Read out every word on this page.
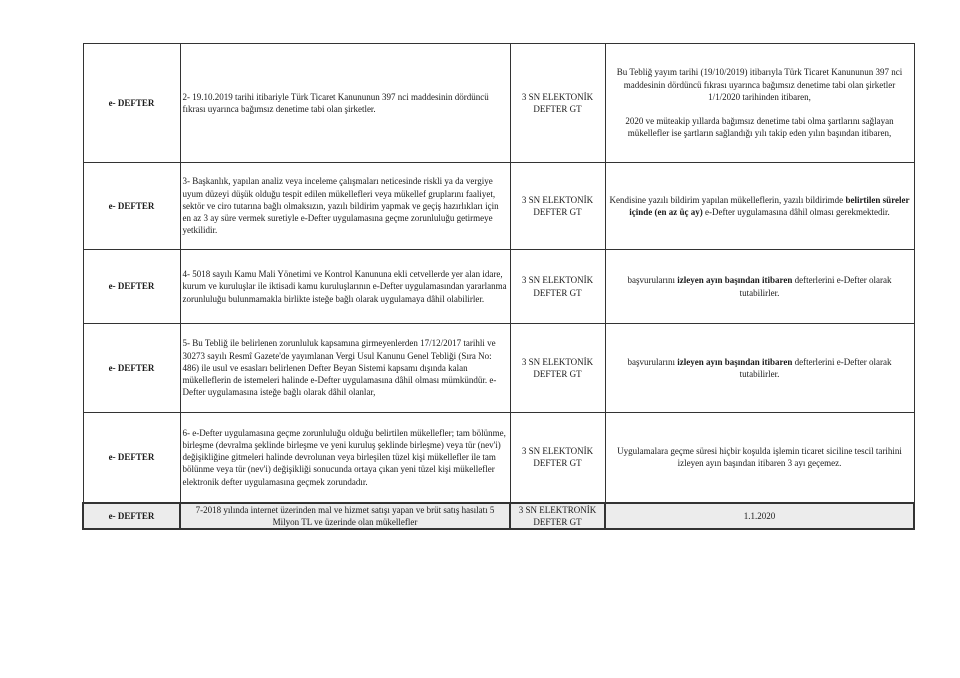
e- DEFTER	2- 19.10.2019 tarihi itibariyle Türk Ticaret Kanununun 397 nci maddesinin dördüncü fıkrası uyarınca bağımsız denetime tabi olan şirketler.	3 SN ELEKTONİK DEFTER GT	Bu Tebliğ yayım tarihi (19/10/2019) itibarıyla Türk Ticaret Kanununun 397 nci maddesinin dördüncü fıkrası uyarınca bağımsız denetime tabi olan şirketler 1/1/2020 tarihinden itibaren,
2020 ve müteakip yıllarda bağımsız denetime tabi olma şartlarını sağlayan mükellefler ise şartların sağlandığı yılı takip eden yılın başından itibaren,

e- DEFTER	3- Başkanlık, yapılan analiz veya inceleme çalışmaları neticesinde riskli ya da vergiye uyum düzeyi düşük olduğu tespit edilen mükellefleri veya mükellef gruplarını faaliyet, sektör ve ciro tutarına bağlı olmaksızın, yazılı bildirim yapmak ve geçiş hazırlıkları için en az 3 ay süre vermek suretiyle e-Defter uygulamasına geçme zorunluluğu getirmeye yetkilidir.	3 SN ELEKTONİK DEFTER GT	Kendisine yazılı bildirim yapılan mükelleflerin, yazılı bildirimde belirtilen süreler içinde (en az üç ay) e-Defter uygulamasına dâhil olması gerekmektedir.
e- DEFTER	4- 5018 sayılı Kamu Mali Yönetimi ve Kontrol Kanununa ekli cetvellerde yer alan idare, kurum ve kuruluşlar ile iktisadi kamu kuruluşlarının e-Defter uygulamasından yararlanma zorunluluğu bulunmamakla birlikte isteğe bağlı olarak uygulamaya dâhil olabilirler.	3 SN ELEKTONİK DEFTER GT	başvurularını izleyen ayın başından itibaren defterlerini e-Defter olarak tutabilirler.
e- DEFTER	5- Bu Tebliğ ile belirlenen zorunluluk kapsamına girmeyenlerden 17/12/2017 tarihli ve 30273 sayılı Resmî Gazete'de yayımlanan Vergi Usul Kanunu Genel Tebliği (Sıra No: 486) ile usul ve esasları belirlenen Defter Beyan Sistemi kapsamı dışında kalan mükelleflerin de istemeleri halinde e-Defter uygulamasına dâhil olması mümkündür. e-Defter uygulamasına isteğe bağlı olarak dâhil olanlar,	3 SN ELEKTONİK DEFTER GT	başvurularını izleyen ayın başından itibaren defterlerini e-Defter olarak tutabilirler.
e- DEFTER	6- e-Defter uygulamasına geçme zorunluluğu olduğu belirtilen mükellefler; tam bölünme, birleşme (devralma şeklinde birleşme ve yeni kuruluş şeklinde birleşme) veya tür (nev'i) değişikliğine gitmeleri halinde devrolunan veya birleşilen tüzel kişi mükellefler ile tam bölünme veya tür (nev'i) değişikliği sonucunda ortaya çıkan yeni tüzel kişi mükellefler elektronik defter uygulamasına geçmek zorundadır.	3 SN ELEKTONİK DEFTER GT	Uygulamalara geçme süresi hiçbir koşulda işlemin ticaret siciline tescil tarihini izleyen ayın başından itibaren 3 ayı geçemez.
e- DEFTER	7-2018 yılında internet üzerinden mal ve hizmet satışı yapan ve brüt satış hasılatı 5 Milyon TL ve üzerinde olan mükellefler	3 SN ELEKTRONİK DEFTER GT	1.1.2020
